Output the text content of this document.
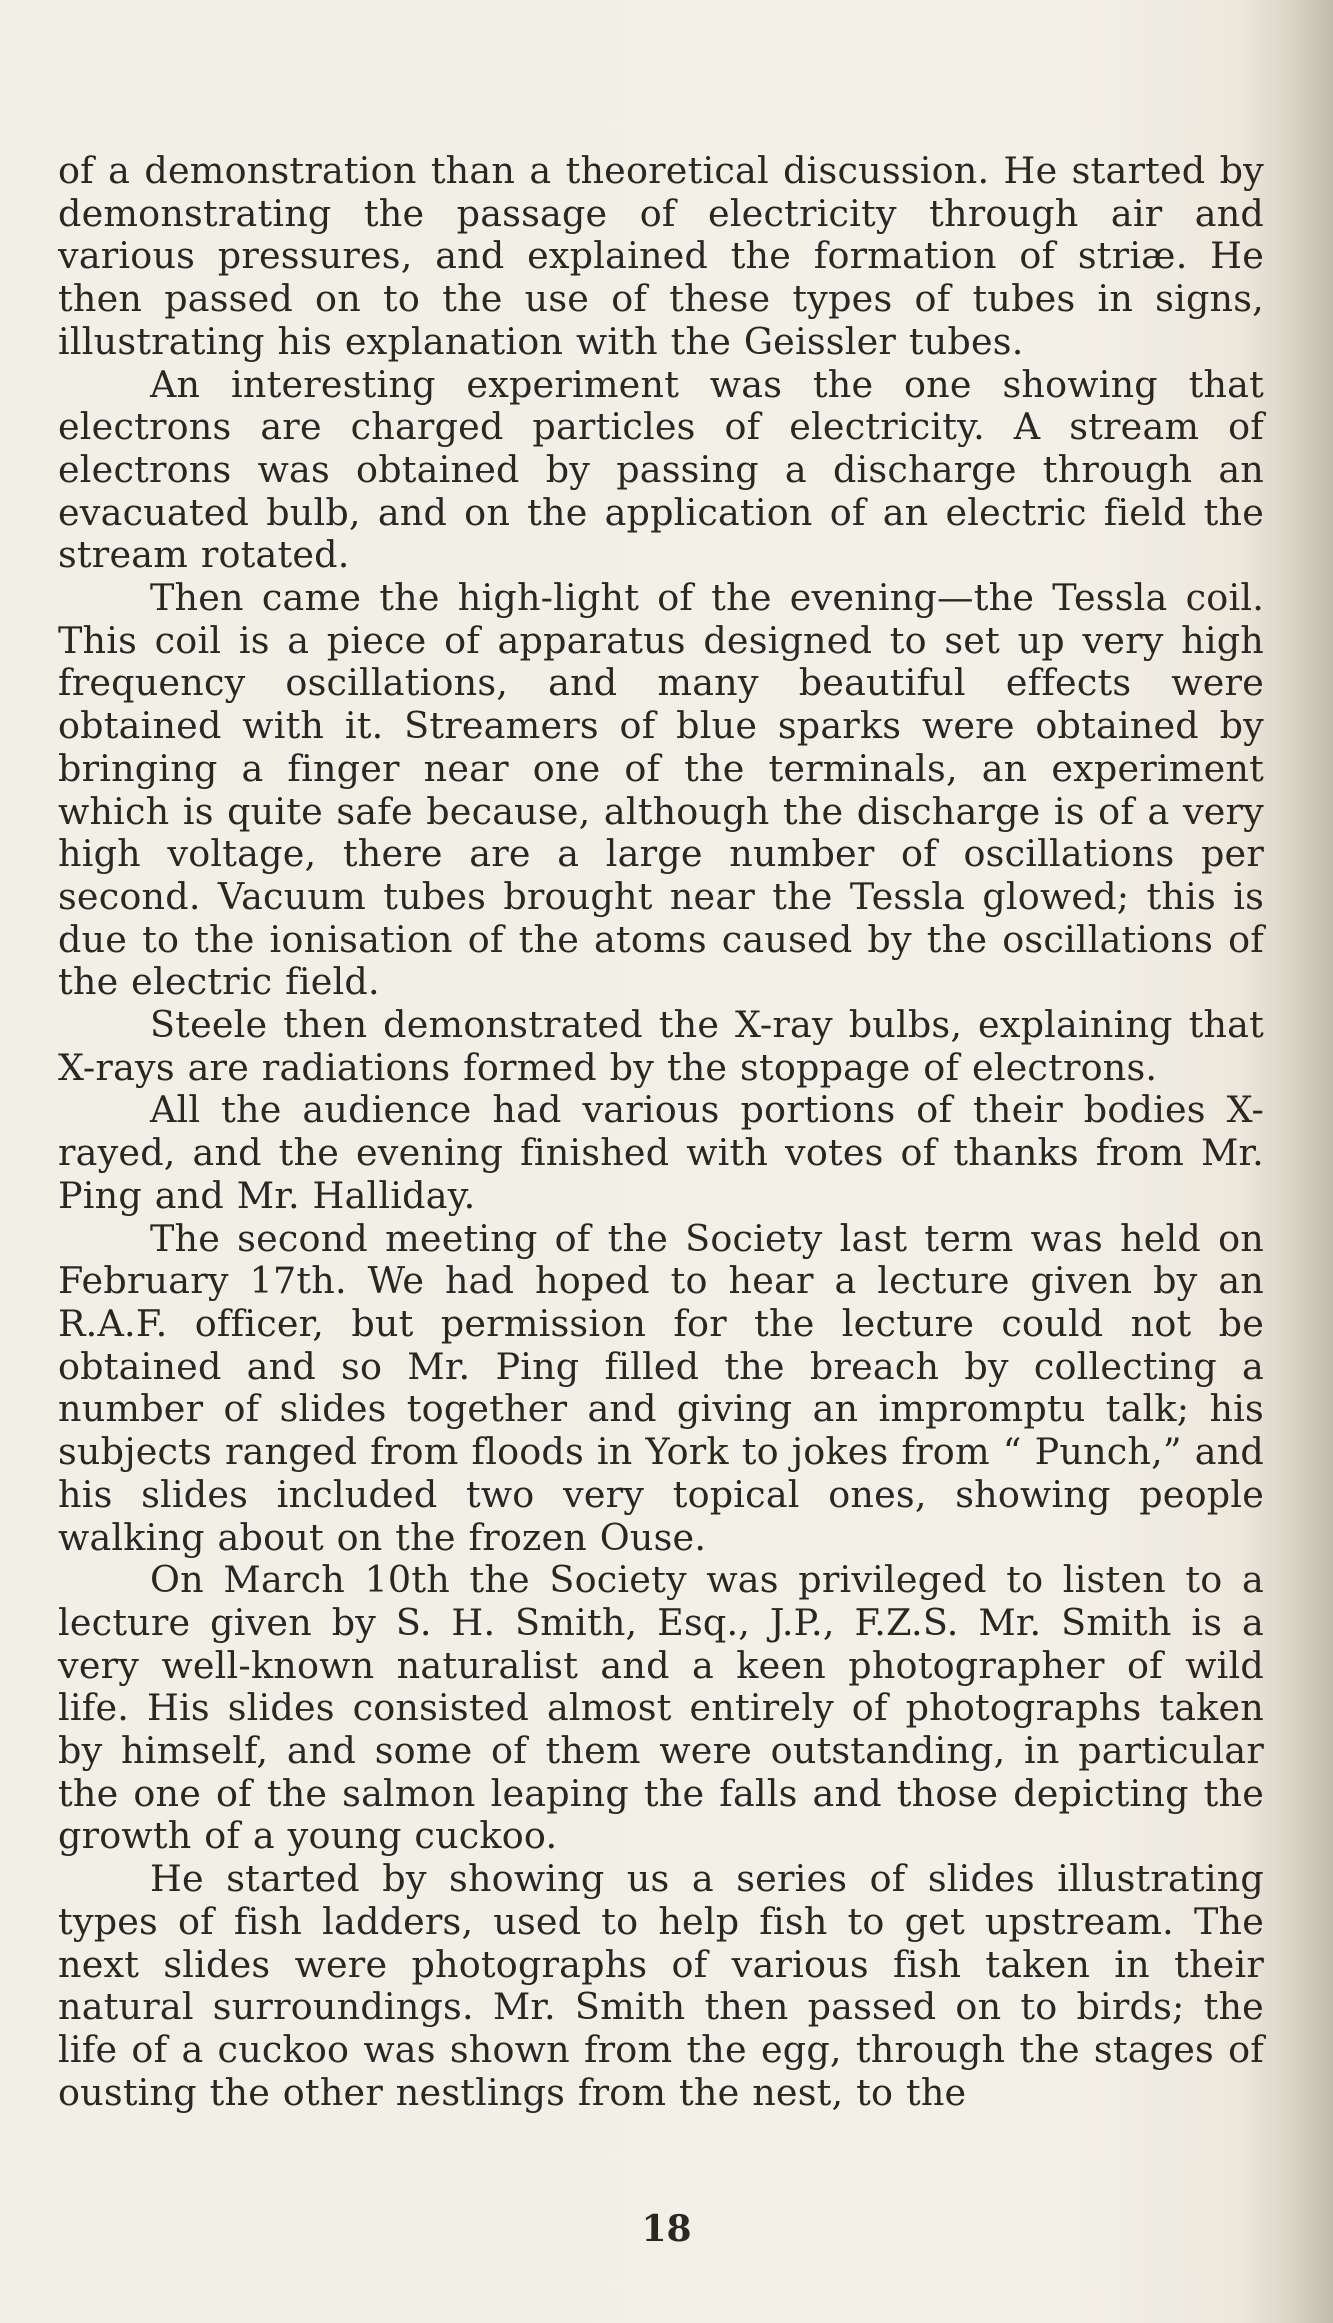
of a demonstration than a theoretical discussion. He started by demonstrating the passage of electricity through air and various pressures, and explained the formation of striæ. He then passed on to the use of these types of tubes in signs, illustrating his explanation with the Geissler tubes.

An interesting experiment was the one showing that electrons are charged particles of electricity. A stream of electrons was obtained by passing a discharge through an evacuated bulb, and on the application of an electric field the stream rotated.

Then came the high-light of the evening—the Tessla coil. This coil is a piece of apparatus designed to set up very high frequency oscillations, and many beautiful effects were obtained with it. Streamers of blue sparks were obtained by bringing a finger near one of the terminals, an experiment which is quite safe because, although the discharge is of a very high voltage, there are a large number of oscillations per second. Vacuum tubes brought near the Tessla glowed; this is due to the ionisation of the atoms caused by the oscillations of the electric field.

Steele then demonstrated the X-ray bulbs, explaining that X-rays are radiations formed by the stoppage of electrons.

All the audience had various portions of their bodies X-rayed, and the evening finished with votes of thanks from Mr. Ping and Mr. Halliday.

The second meeting of the Society last term was held on February 17th. We had hoped to hear a lecture given by an R.A.F. officer, but permission for the lecture could not be obtained and so Mr. Ping filled the breach by collecting a number of slides together and giving an impromptu talk; his subjects ranged from floods in York to jokes from “ Punch,” and his slides included two very topical ones, showing people walking about on the frozen Ouse.

On March 10th the Society was privileged to listen to a lecture given by S. H. Smith, Esq., J.P., F.Z.S. Mr. Smith is a very well-known naturalist and a keen photographer of wild life. His slides consisted almost entirely of photographs taken by himself, and some of them were outstanding, in particular the one of the salmon leaping the falls and those depicting the growth of a young cuckoo.

He started by showing us a series of slides illustrating types of fish ladders, used to help fish to get upstream. The next slides were photographs of various fish taken in their natural surroundings. Mr. Smith then passed on to birds; the life of a cuckoo was shown from the egg, through the stages of ousting the other nestlings from the nest, to the

18
